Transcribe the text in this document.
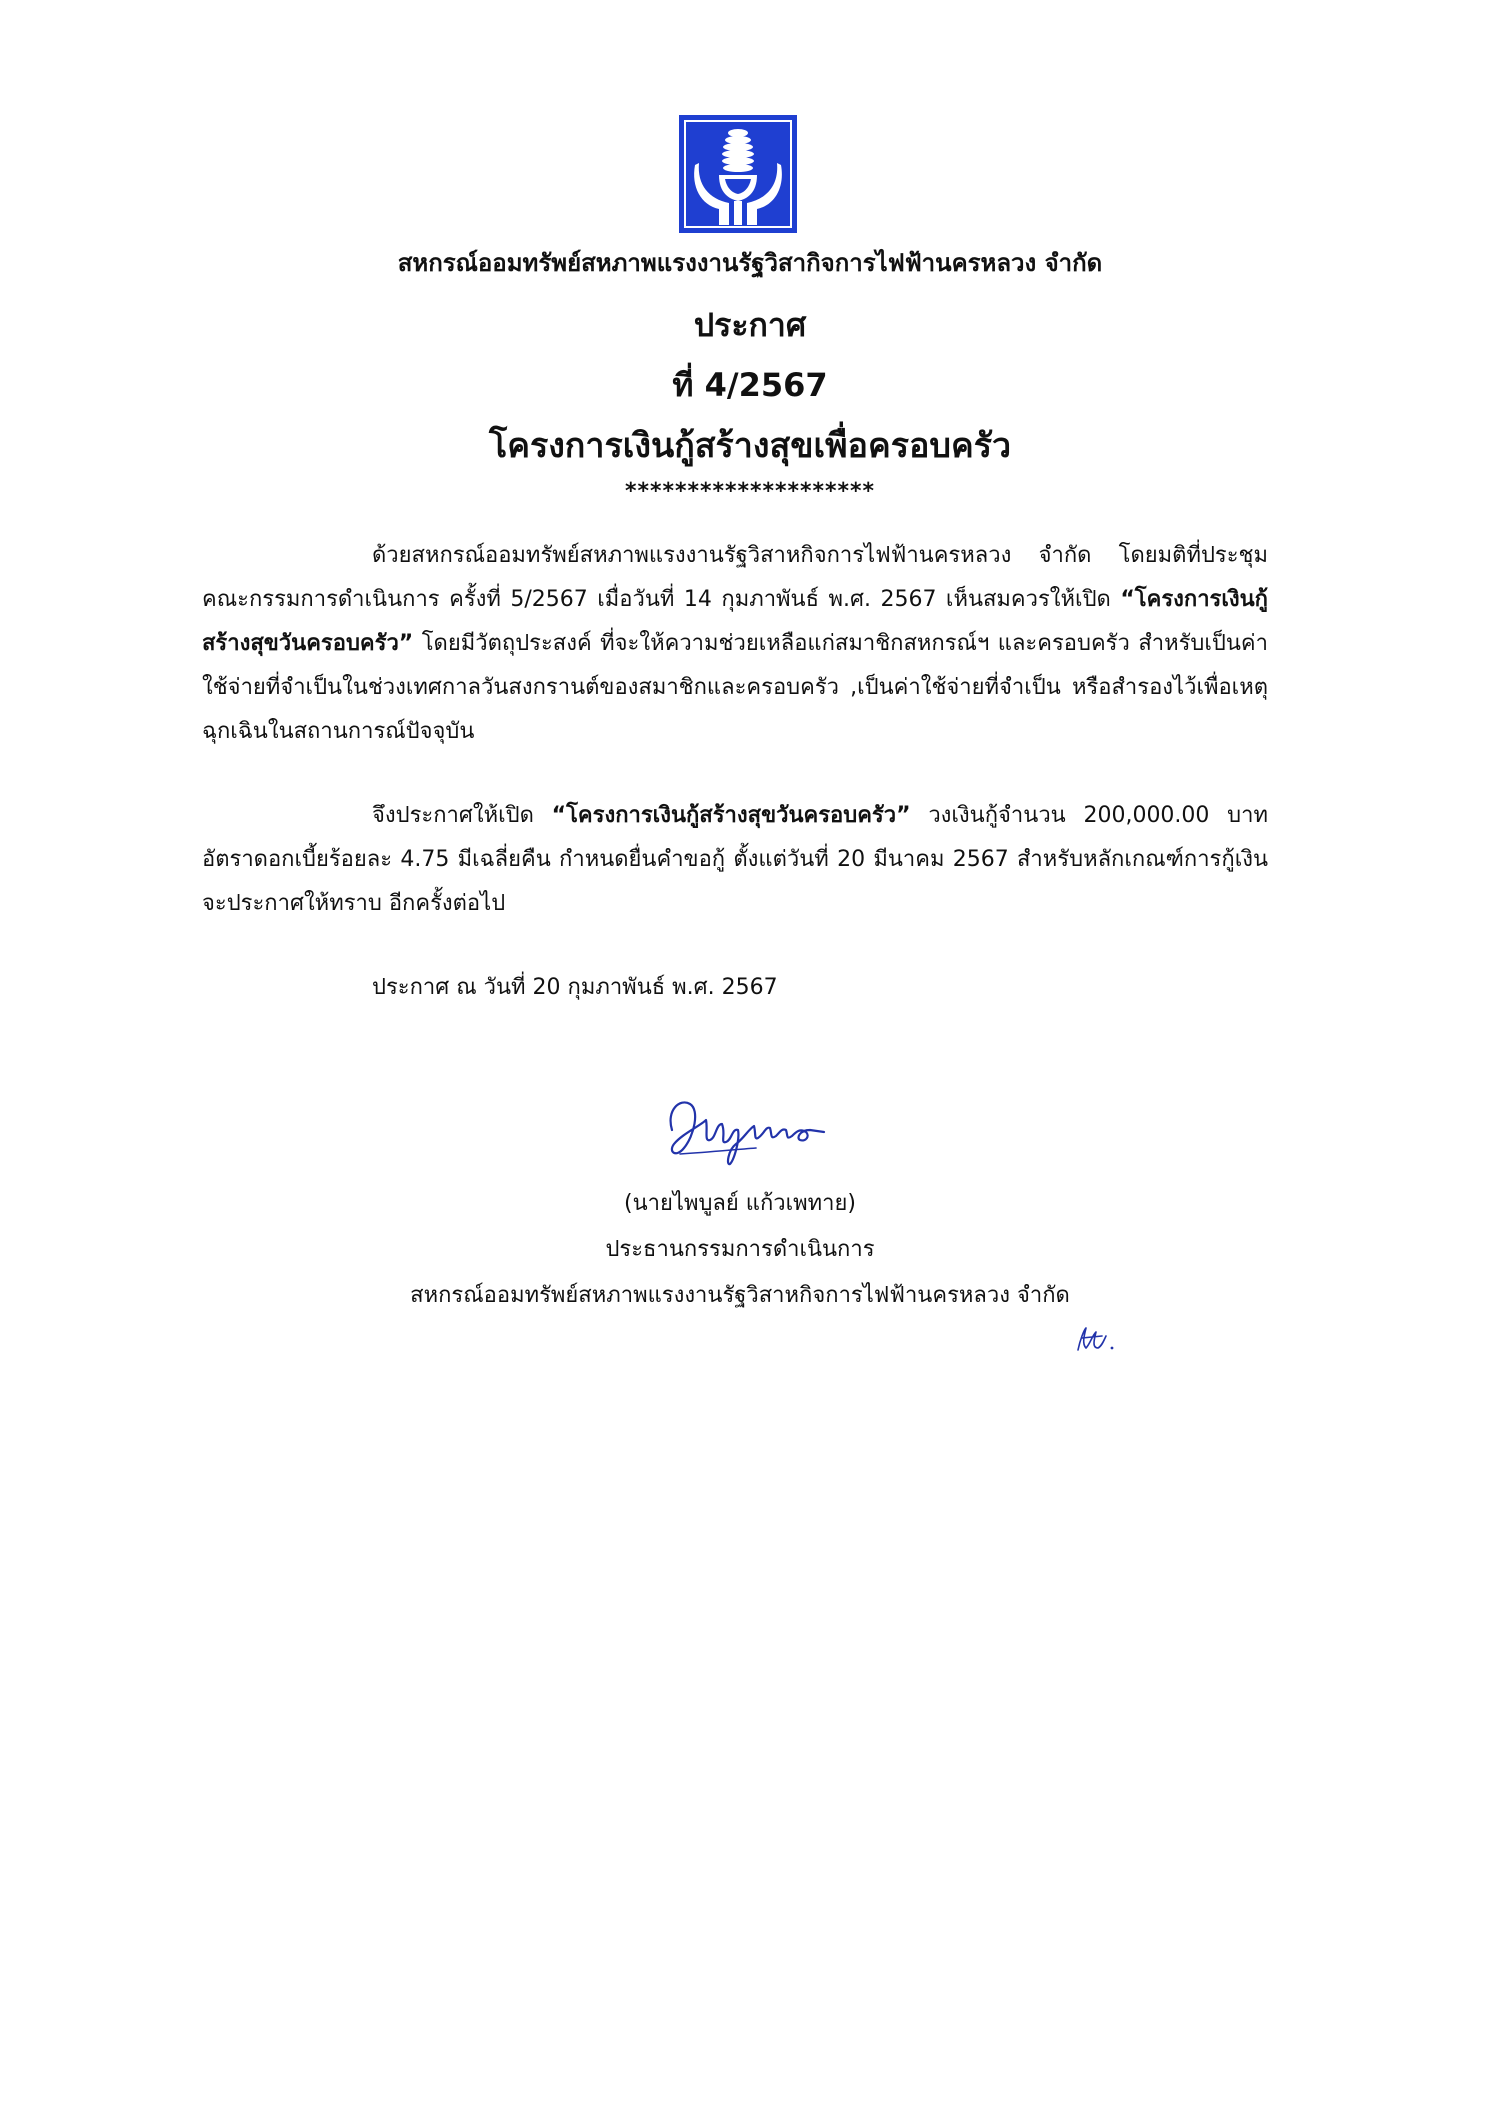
สหกรณ์ออมทรัพย์สหภาพแรงงานรัฐวิสากิจการไฟฟ้านครหลวง จำกัด
ประกาศ
ที่ 4/2567
โครงการเงินกู้สร้างสุขเพื่อครอบครัว
********************

ด้วยสหกรณ์ออมทรัพย์สหภาพแรงงานรัฐวิสาหกิจการไฟฟ้านครหลวง จำกัด โดยมติที่ประชุมคณะกรรมการดำเนินการ ครั้งที่ 5/2567 เมื่อวันที่ 14 กุมภาพันธ์ พ.ศ. 2567 เห็นสมควรให้เปิด “โครงการเงินกู้สร้างสุขวันครอบครัว” โดยมีวัตถุประสงค์ ที่จะให้ความช่วยเหลือแก่สมาชิกสหกรณ์ฯ และครอบครัว สำหรับเป็นค่าใช้จ่ายที่จำเป็นในช่วงเทศกาลวันสงกรานต์ของสมาชิกและครอบครัว ,เป็นค่าใช้จ่ายที่จำเป็น หรือสำรองไว้เพื่อเหตุฉุกเฉินในสถานการณ์ปัจจุบัน

จึงประกาศให้เปิด “โครงการเงินกู้สร้างสุขวันครอบครัว” วงเงินกู้จำนวน 200,000.00 บาท อัตราดอกเบี้ยร้อยละ 4.75 มีเฉลี่ยคืน กำหนดยื่นคำขอกู้ ตั้งแต่วันที่ 20 มีนาคม 2567 สำหรับหลักเกณฑ์การกู้เงิน จะประกาศให้ทราบ อีกครั้งต่อไป

ประกาศ ณ วันที่ 20 กุมภาพันธ์ พ.ศ. 2567

(นายไพบูลย์ แก้วเพทาย)
ประธานกรรมการดำเนินการ
สหกรณ์ออมทรัพย์สหภาพแรงงานรัฐวิสาหกิจการไฟฟ้านครหลวง จำกัด
